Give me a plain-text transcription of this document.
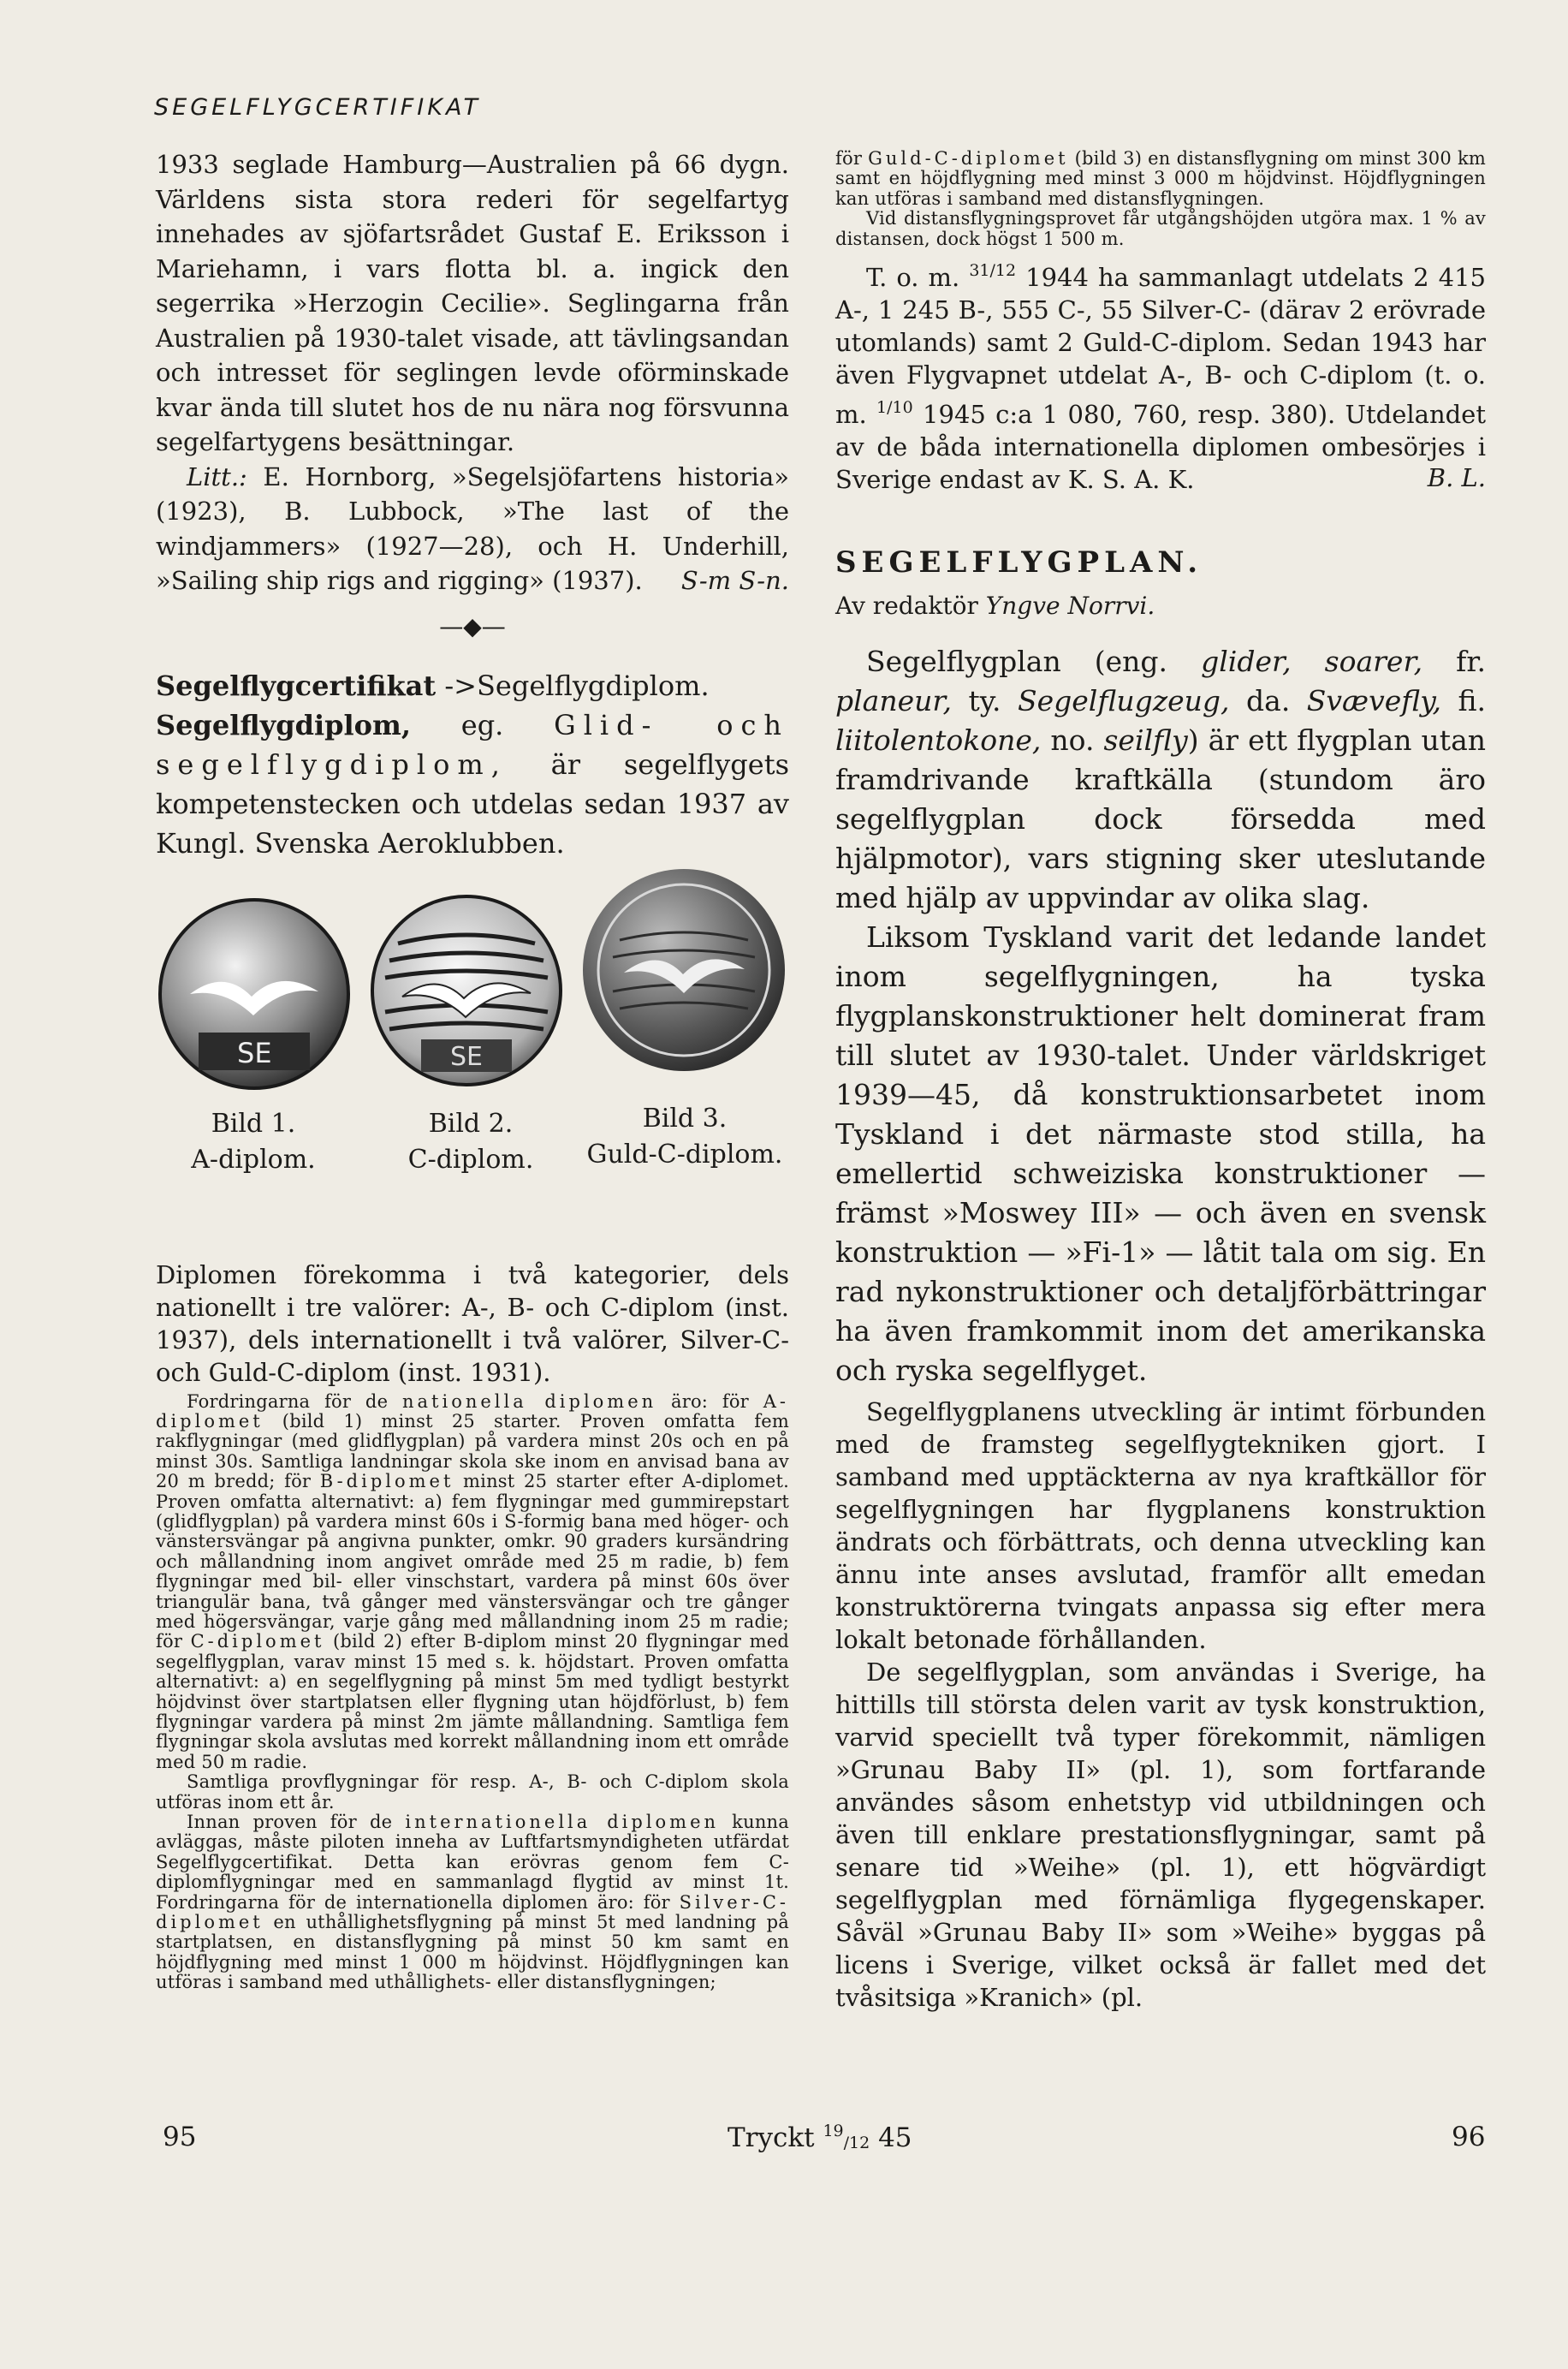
SEGELFLYGCERTIFIKAT

1933 seglade Hamburg—Australien på 66 dygn. Världens sista stora rederi för segelfartyg innehades av sjöfartsrådet Gustaf E. Eriksson i Mariehamn, i vars flotta bl. a. ingick den segerrika »Herzogin Cecilie». Seglingarna från Australien på 1930-talet visade, att tävlingsandan och intresset för seglingen levde oförminskade kvar ända till slutet hos de nu nära nog försvunna segelfartygens besättningar.

Litt.: E. Hornborg, »Segelsjöfartens historia» (1923), B. Lubbock, »The last of the windjammers» (1927—28), och H. Underhill, »Sailing ship rigs and rigging» (1937).	S-m S-n.
—◆—

Segelflygcertifikat ->Segelflygdiplom.

Segelflygdiplom, eg. Glid- och segelflygdiplom, är segelflygets kompetenstecken och utdelas sedan 1937 av Kungl. Svenska Aeroklubben.

SE	SE
Bild 1.
A-diplom.
Bild 2.
C-diplom.
Bild 3.
Guld-C-diplom.

Diplomen förekomma i två kategorier, dels nationellt i tre valörer: A-, B- och C-diplom (inst. 1937), dels internationellt i två valörer, Silver-C- och Guld-C-diplom (inst. 1931).

Fordringarna för de nationella diplomen äro: för A-diplomet (bild 1) minst 25 starter. Proven omfatta fem rakflygningar (med glidflygplan) på vardera minst 20s och en på minst 30s. Samtliga landningar skola ske inom en anvisad bana av 20 m bredd; för B-diplomet minst 25 starter efter A-diplomet. Proven omfatta alternativt: a) fem flygningar med gummirepstart (glidflygplan) på vardera minst 60s i S-formig bana med höger- och vänstersvängar på angivna punkter, omkr. 90 graders kursändring och mållandning inom angivet område med 25 m radie, b) fem flygningar med bil- eller vinschstart, vardera på minst 60s över triangulär bana, två gånger med vänstersvängar och tre gånger med högersvängar, varje gång med mållandning inom 25 m radie; för C-diplomet (bild 2) efter B-diplom minst 20 flygningar med segelflygplan, varav minst 15 med s. k. höjdstart. Proven omfatta alternativt: a) en segelflygning på minst 5m med tydligt bestyrkt höjdvinst över startplatsen eller flygning utan höjdförlust, b) fem flygningar vardera på minst 2m jämte mållandning. Samtliga fem flygningar skola avslutas med korrekt mållandning inom ett område med 50 m radie.

Samtliga provflygningar för resp. A-, B- och C-diplom skola utföras inom ett år.

Innan proven för de internationella diplomen kunna avläggas, måste piloten inneha av Luftfartsmyndigheten utfärdat Segelflygcertifikat. Detta kan erövras genom fem C-diplomflygningar med en sammanlagd flygtid av minst 1t. Fordringarna för de internationella diplomen äro: för Silver-C-diplomet en uthållighetsflygning på minst 5t med landning på startplatsen, en distansflygning på minst 50 km samt en höjdflygning med minst 1 000 m höjdvinst. Höjdflygningen kan utföras i samband med uthållighets- eller distansflygningen;

för Guld-C-diplomet (bild 3) en distansflygning om minst 300 km samt en höjdflygning med minst 3 000 m höjdvinst. Höjdflygningen kan utföras i samband med distansflygningen.

Vid distansflygningsprovet får utgångshöjden utgöra max. 1 % av distansen, dock högst 1 500 m.

T. o. m. $^{31/12}$ 1944 ha sammanlagt utdelats 2 415 A-, 1 245 B-, 555 C-, 55 Silver-C- (därav 2 erövrade utomlands) samt 2 Guld-C-diplom. Sedan 1943 har även Flygvapnet utdelat A-, B- och C-diplom (t. o. m. $^{1/10}$ 1945 c:a 1 080, 760, resp. 380). Utdelandet av de båda internationella diplomen ombesörjes i Sverige endast av K. S. A. K.	B. L.
SEGELFLYGPLAN.
Av redaktör Yngve Norrvi.

Segelflygplan (eng. glider, soarer, fr. planeur, ty. Segelflugzeug, da. Svævefly, fi. liitolentokone, no. seilfly) är ett flygplan utan framdrivande kraftkälla (stundom äro segelflygplan dock försedda med hjälpmotor), vars stigning sker uteslutande med hjälp av uppvindar av olika slag.

Liksom Tyskland varit det ledande landet inom segelflygningen, ha tyska flygplanskonstruktioner helt dominerat fram till slutet av 1930-talet. Under världskriget 1939—45, då konstruktionsarbetet inom Tyskland i det närmaste stod stilla, ha emellertid schweiziska konstruktioner — främst »Moswey III» — och även en svensk konstruktion — »Fi-1» — låtit tala om sig. En rad nykonstruktioner och detaljförbättringar ha även framkommit inom det amerikanska och ryska segelflyget.

Segelflygplanens utveckling är intimt förbunden med de framsteg segelflygtekniken gjort. I samband med upptäckterna av nya kraftkällor för segelflygningen har flygplanens konstruktion ändrats och förbättrats, och denna utveckling kan ännu inte anses avslutad, framför allt emedan konstruktörerna tvingats anpassa sig efter mera lokalt betonade förhållanden.

De segelflygplan, som användas i Sverige, ha hittills till största delen varit av tysk konstruktion, varvid speciellt två typer förekommit, nämligen »Grunau Baby II» (pl. 1), som fortfarande användes såsom enhetstyp vid utbildningen och även till enklare prestationsflygningar, samt på senare tid »Weihe» (pl. 1), ett högvärdigt segelflygplan med förnämliga flygegenskaper. Såväl »Grunau Baby II» som »Weihe» byggas på licens i Sverige, vilket också är fallet med det tvåsitsiga »Kranich» (pl.

95	Tryckt $^{19}$/12 45	96
